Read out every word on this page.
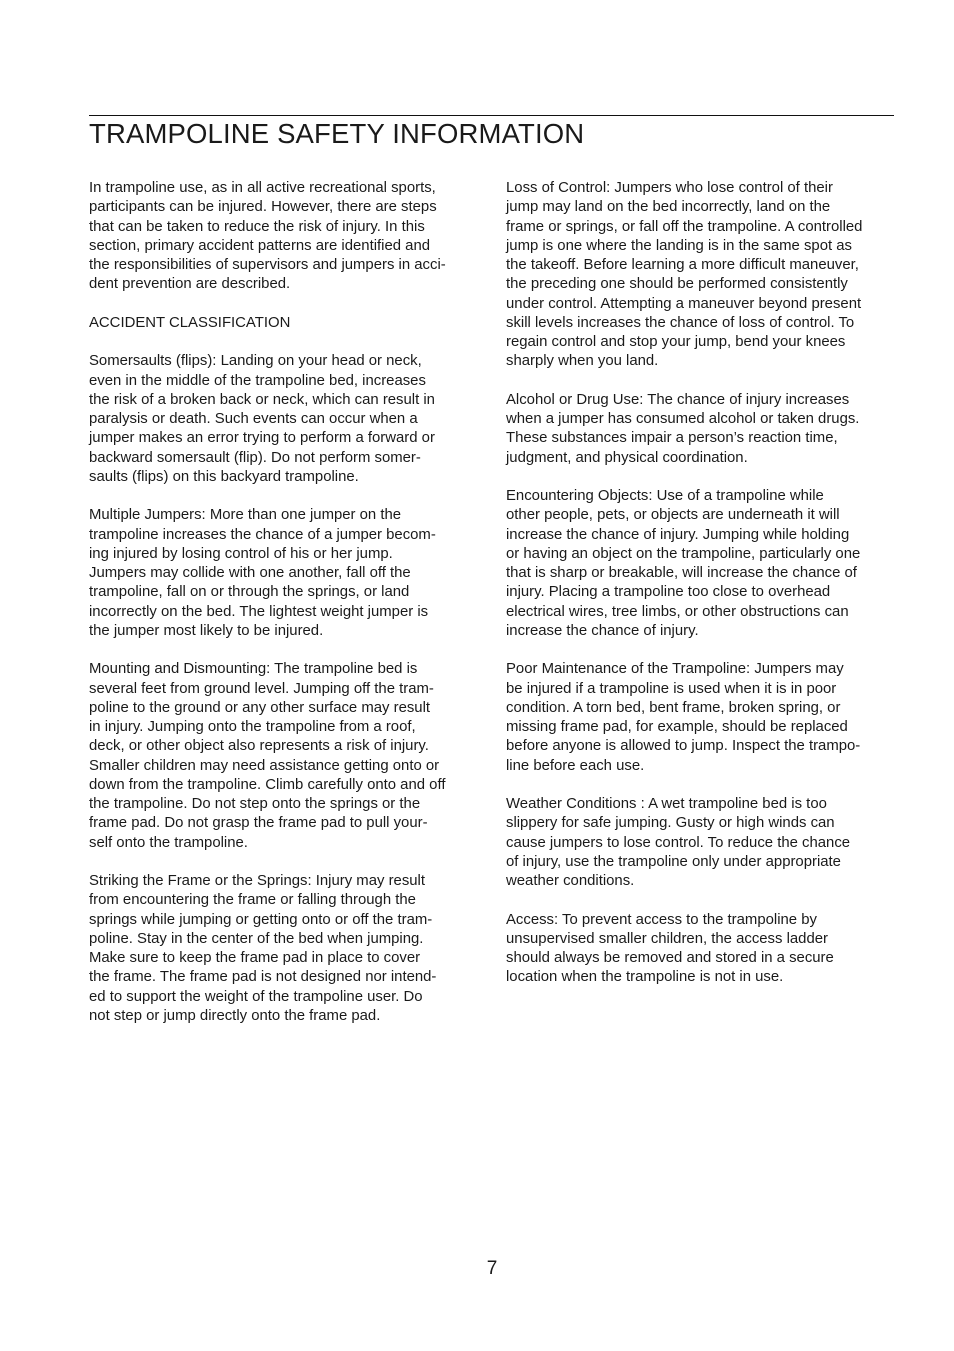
TRAMPOLINE SAFETY INFORMATION
In trampoline use, as in all active recreational sports,
participants can be injured. However, there are steps
that can be taken to reduce the risk of injury. In this
section, primary accident patterns are identified and
the responsibilities of supervisors and jumpers in acci-
dent prevention are described.
ACCIDENT CLASSIFICATION
Somersaults (flips): Landing on your head or neck,
even in the middle of the trampoline bed, increases
the risk of a broken back or neck, which can result in
paralysis or death. Such events can occur when a
jumper makes an error trying to perform a forward or
backward somersault (flip). Do not perform somer-
saults (flips) on this backyard trampoline.
Multiple Jumpers: More than one jumper on the
trampoline increases the chance of a jumper becom-
ing injured by losing control of his or her jump.
Jumpers may collide with one another, fall off the
trampoline, fall on or through the springs, or land
incorrectly on the bed. The lightest weight jumper is
the jumper most likely to be injured.
Mounting and Dismounting: The trampoline bed is
several feet from ground level. Jumping off the tram-
poline to the ground or any other surface may result
in injury. Jumping onto the trampoline from a roof,
deck, or other object also represents a risk of injury.
Smaller children may need assistance getting onto or
down from the trampoline. Climb carefully onto and off
the trampoline. Do not step onto the springs or the
frame pad. Do not grasp the frame pad to pull your-
self onto the trampoline.
Striking the Frame or the Springs: Injury may result
from encountering the frame or falling through the
springs while jumping or getting onto or off the tram-
poline. Stay in the center of the bed when jumping.
Make sure to keep the frame pad in place to cover
the frame. The frame pad is not designed nor intend-
ed to support the weight of the trampoline user. Do
not step or jump directly onto the frame pad.
Loss of Control: Jumpers who lose control of their
jump may land on the bed incorrectly, land on the
frame or springs, or fall off the trampoline. A controlled
jump is one where the landing is in the same spot as
the takeoff. Before learning a more difficult maneuver,
the preceding one should be performed consistently
under control. Attempting a maneuver beyond present
skill levels increases the chance of loss of control. To
regain control and stop your jump, bend your knees
sharply when you land.
Alcohol or Drug Use: The chance of injury increases
when a jumper has consumed alcohol or taken drugs.
These substances impair a person’s reaction time,
judgment, and physical coordination.
Encountering Objects: Use of a trampoline while
other people, pets, or objects are underneath it will
increase the chance of injury. Jumping while holding
or having an object on the trampoline, particularly one
that is sharp or breakable, will increase the chance of
injury. Placing a trampoline too close to overhead
electrical wires, tree limbs, or other obstructions can
increase the chance of injury.
Poor Maintenance of the Trampoline: Jumpers may
be injured if a trampoline is used when it is in poor
condition. A torn bed, bent frame, broken spring, or
missing frame pad, for example, should be replaced
before anyone is allowed to jump. Inspect the trampo-
line before each use.
Weather Conditions : A wet trampoline bed is too
slippery for safe jumping. Gusty or high winds can
cause jumpers to lose control. To reduce the chance
of injury, use the trampoline only under appropriate
weather conditions.
Access: To prevent access to the trampoline by
unsupervised smaller children, the access ladder
should always be removed and stored in a secure
location when the trampoline is not in use.
7
